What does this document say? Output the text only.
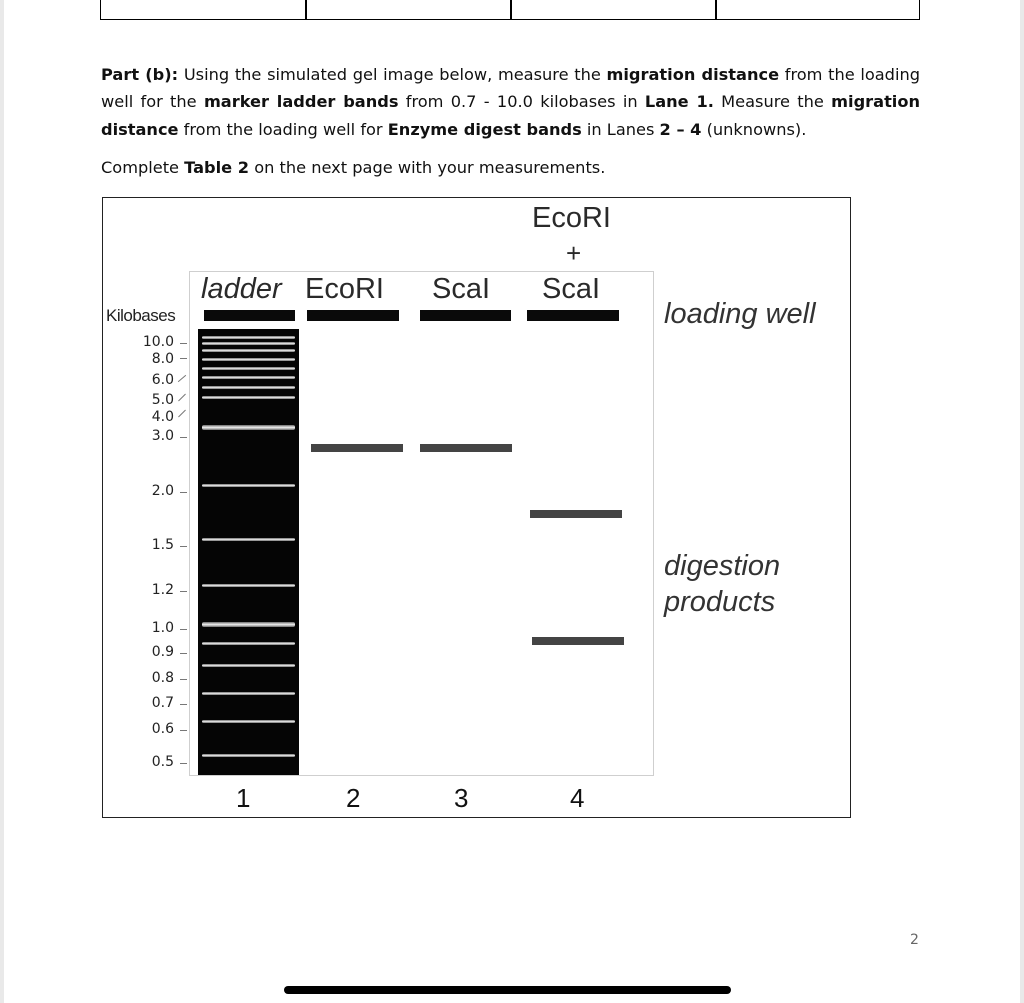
Part (b): Using the simulated gel image below, measure the migration distance from the loading well for the marker ladder bands from 0.7 - 10.0 kilobases in Lane 1. Measure the migration distance from the loading well for Enzyme digest bands in Lanes 2 – 4 (unknowns).

Complete Table 2 on the next page with your measurements.

EcoRI
+
ladder EcoRI ScaI ScaI
Kilobases
10.0
8.0
6.0
5.0
4.0
3.0
2.0
1.5
1.2
1.0
0.9
0.8
0.7
0.6
0.5
1	2	3	4
loading well
digestion
products
2
